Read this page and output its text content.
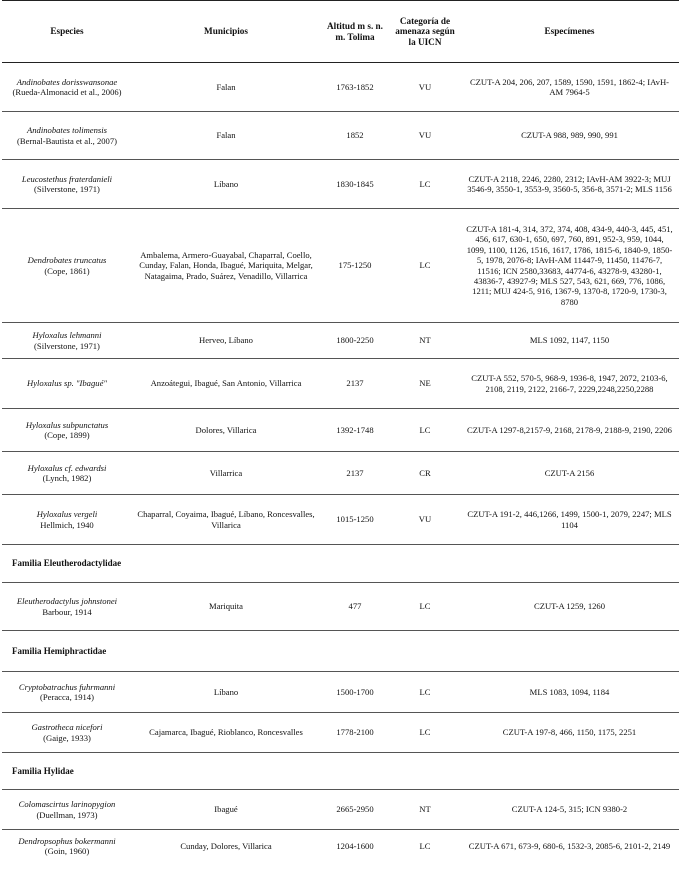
Especies	Municipios	Altitud m s. n. m. Tolima	Categoría de amenaza según la UICN	Especímenes

Andinobates dorisswansonae
(Rueda-Almonacid et al., 2006)	Falan	1763-1852	VU	CZUT-A 204, 206, 207, 1589, 1590, 1591, 1862-4; IAvH-AM 7964-5

Andinobates tolimensis
(Bernal-Bautista et al., 2007)	Falan	1852	VU	CZUT-A 988, 989, 990, 991

Leucostethus fraterdanieli
(Silverstone, 1971)	Líbano	1830-1845	LC	CZUT-A 2118, 2246, 2280, 2312; IAvH-AM 3922-3; MUJ 3546-9, 3550-1, 3553-9, 3560-5, 356-8, 3571-2; MLS 1156

Dendrobates truncatus
(Cope, 1861)	Ambalema, Armero-Guayabal, Chaparral, Coello, Cunday, Falan, Honda, Ibagué, Mariquita, Melgar, Natagaima, Prado, Suárez, Venadillo, Villarrica	175-1250	LC	CZUT-A 181-4, 314, 372, 374, 408, 434-9, 440-3, 445, 451, 456, 617, 630-1, 650, 697, 760, 891, 952-3, 959, 1044, 1099, 1100, 1126, 1516, 1617, 1786, 1815-6, 1840-9, 1850-5, 1978, 2076-8; IAvH-AM 11447-9, 11450, 11476-7, 11516; ICN 2580,33683, 44774-6, 43278-9, 43280-1, 43836-7, 43927-9; MLS 527, 543, 621, 669, 776, 1086, 1211; MUJ 424-5, 916, 1367-9, 1370-8, 1720-9, 1730-3, 8780

Hyloxalus lehmanni
(Silverstone, 1971)	Herveo, Líbano	1800-2250	NT	MLS 1092, 1147, 1150

Hyloxalus sp. "Ibagué"	Anzoátegui, Ibagué, San Antonio, Villarrica	2137	NE	CZUT-A 552, 570-5, 968-9, 1936-8, 1947, 2072, 2103-6, 2108, 2119, 2122, 2166-7, 2229,2248,2250,2288

Hyloxalus subpunctatus
(Cope, 1899)	Dolores, Villarica	1392-1748	LC	CZUT-A 1297-8,2157-9, 2168, 2178-9, 2188-9, 2190, 2206

Hyloxalus cf. edwardsi
(Lynch, 1982)	Villarrica	2137	CR	CZUT-A 2156

Hyloxalus vergeli
Hellmich, 1940	Chaparral, Coyaima, Ibagué, Líbano, Roncesvalles, Villarica	1015-1250	VU	CZUT-A 191-2, 446,1266, 1499, 1500-1, 2079, 2247; MLS 1104
Familia Eleutherodactylidae				

Eleutherodactylus johnstonei
Barbour, 1914	Mariquita	477	LC	CZUT-A 1259, 1260
Familia Hemiphractidae				

Cryptobatrachus fuhrmanni
(Peracca, 1914)	Líbano	1500-1700	LC	MLS 1083, 1094, 1184

Gastrotheca nicefori
(Gaige, 1933)	Cajamarca, Ibagué, Rioblanco, Roncesvalles	1778-2100	LC	CZUT-A 197-8, 466, 1150, 1175, 2251
Familia Hylidae				

Colomascirtus larinopygion
(Duellman, 1973)	Ibagué	2665-2950	NT	CZUT-A 124-5, 315; ICN 9380-2

Dendropsophus bokermanni
(Goin, 1960)	Cunday, Dolores, Villarica	1204-1600	LC	CZUT-A 671, 673-9, 680-6, 1532-3, 2085-6, 2101-2, 2149
